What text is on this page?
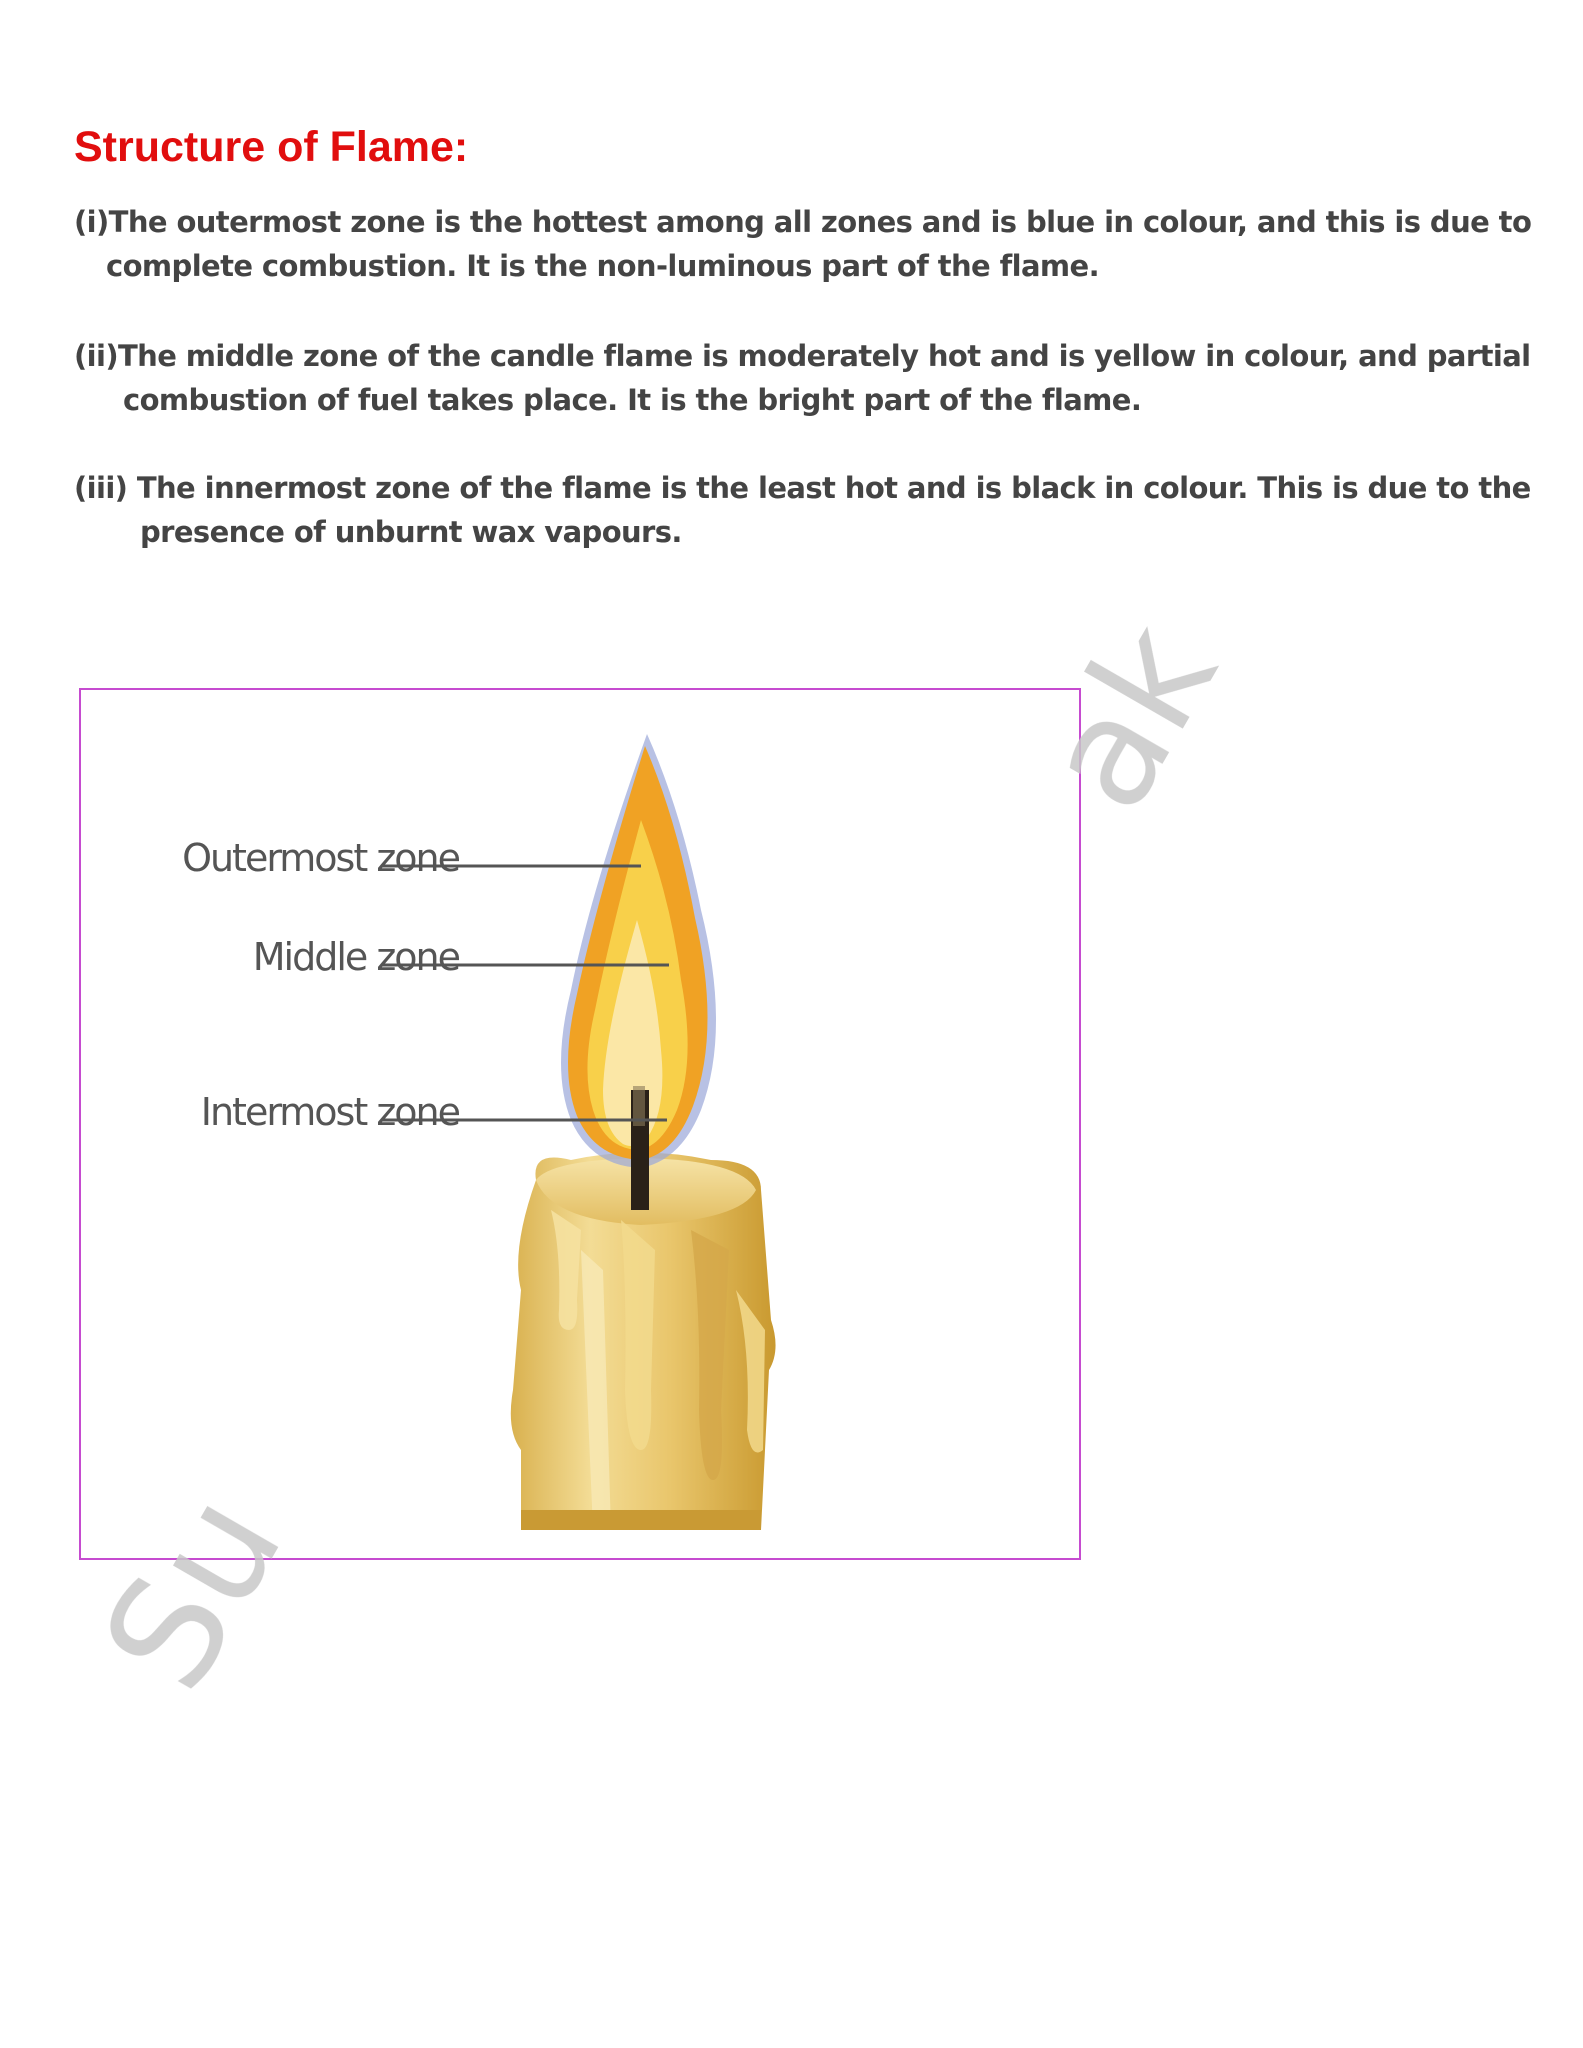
Structure of Flame:

(i)The outermost zone is the hottest among all zones and is blue in colour, and this is due to
complete combustion. It is the non-luminous part of the flame.

(ii)The middle zone of the candle flame is moderately hot and is yellow in colour, and partial
combustion of fuel takes place. It is the bright part of the flame.

(iii) The innermost zone of the flame is the least hot and is black in colour. This is due to the
presence of unburnt wax vapours.

Outermost zone
Middle zone
Intermost zone
Su
ak
